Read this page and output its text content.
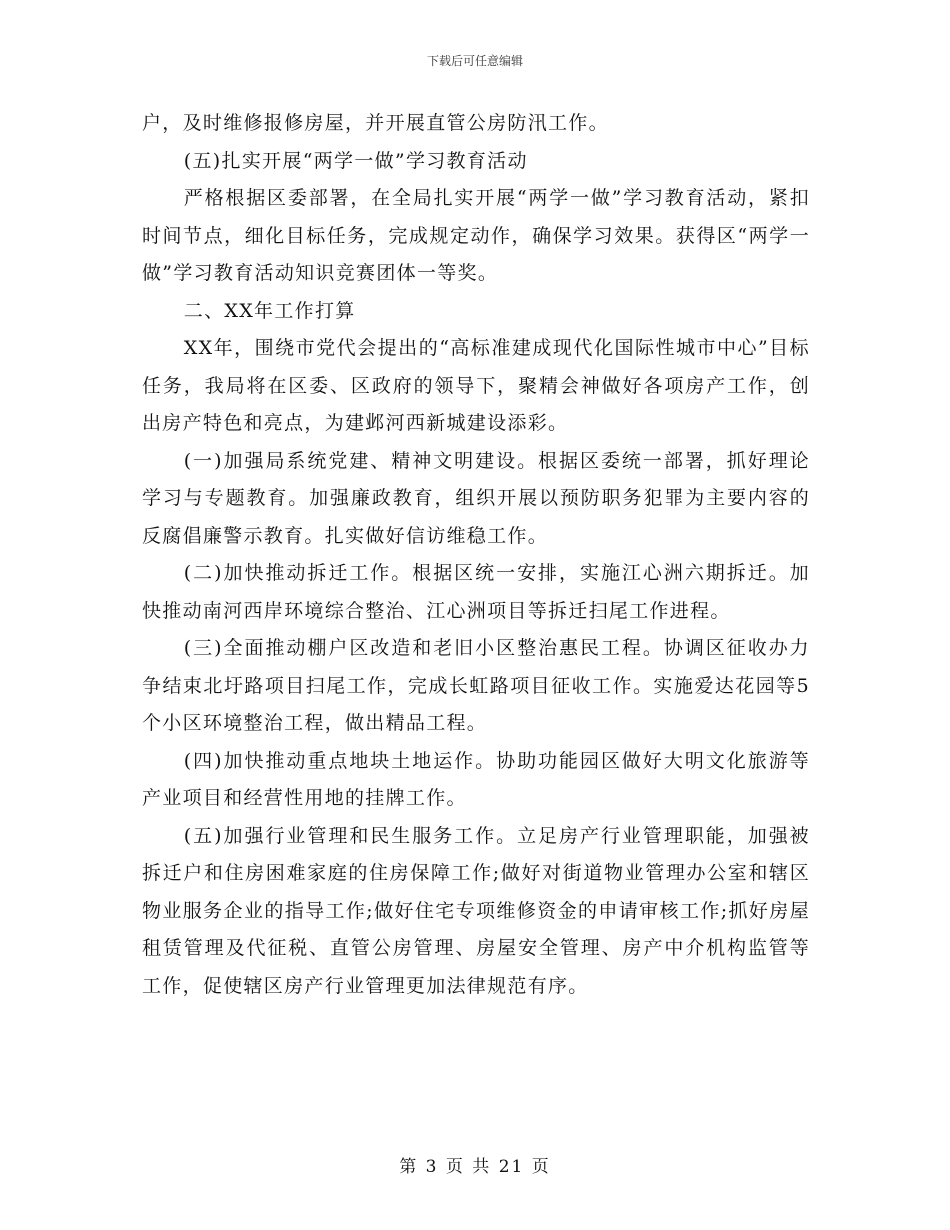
下载后可任意编辑

户，及时维修报修房屋，并开展直管公房防汛工作。

(五)扎实开展“两学一做”学习教育活动

严格根据区委部署，在全局扎实开展“两学一做”学习教育活动，紧扣时间节点，细化目标任务，完成规定动作，确保学习效果。获得区“两学一做”学习教育活动知识竞赛团体一等奖。

二、XX年工作打算

XX年，围绕市党代会提出的“高标准建成现代化国际性城市中心”目标任务，我局将在区委、区政府的领导下，聚精会神做好各项房产工作，创出房产特色和亮点，为建邺河西新城建设添彩。

(一)加强局系统党建、精神文明建设。根据区委统一部署，抓好理论学习与专题教育。加强廉政教育，组织开展以预防职务犯罪为主要内容的反腐倡廉警示教育。扎实做好信访维稳工作。

(二)加快推动拆迁工作。根据区统一安排，实施江心洲六期拆迁。加快推动南河西岸环境综合整治、江心洲项目等拆迁扫尾工作进程。

(三)全面推动棚户区改造和老旧小区整治惠民工程。协调区征收办力争结束北圩路项目扫尾工作，完成长虹路项目征收工作。实施爱达花园等5个小区环境整治工程，做出精品工程。

(四)加快推动重点地块土地运作。协助功能园区做好大明文化旅游等产业项目和经营性用地的挂牌工作。

(五)加强行业管理和民生服务工作。立足房产行业管理职能，加强被拆迁户和住房困难家庭的住房保障工作;做好对街道物业管理办公室和辖区物业服务企业的指导工作;做好住宅专项维修资金的申请审核工作;抓好房屋租赁管理及代征税、直管公房管理、房屋安全管理、房产中介机构监管等工作，促使辖区房产行业管理更加法律规范有序。

第 3 页 共 21 页
